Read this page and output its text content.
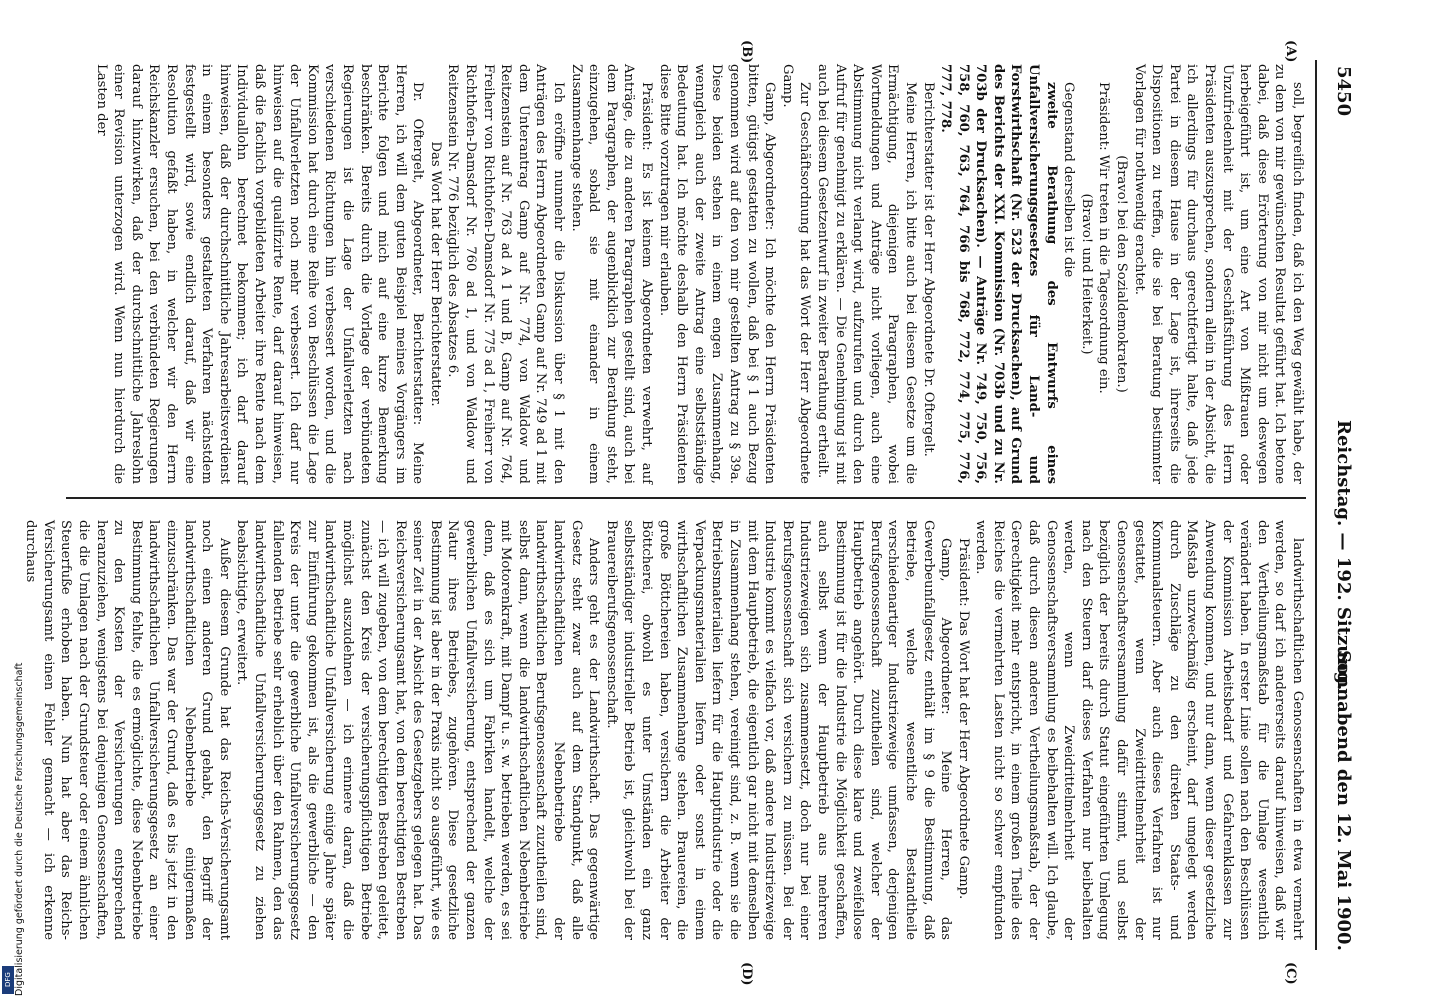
5450
Reichstag. — 192. Sitzung.
Sonnabend den 12. Mai 1900.
(A)
(B)
(C)
(D)

soll, begreiflich finden, daß ich den Weg gewählt habe, der zu dem von mir gewünschten Resultat geführt hat. Ich betone dabei, daß diese Erörterung von mir nicht um deswegen herbeigeführt ist, um eine Art von Mißtrauen oder Unzufriedenheit mit der Geschäftsführung des Herrn Präsidenten auszusprechen, sondern allein in der Absicht, die ich allerdings für durchaus gerechtfertigt halte, daß jede Partei in diesem Hause in der Lage ist, ihrerseits die Dispositionen zu treffen, die sie bei Beratung bestimmter Vorlagen für nothwendig erachtet.

(Bravo! bei den Sozialdemokraten.)

Präsident: Wir treten in die Tagesordnung ein.

(Bravo! und Heiterkeit.)

Gegenstand derselben ist die

zweite Berathung des Entwurfs eines Unfallversicherungsgesetzes für Land- und Forstwirthschaft (Nr. 523 der Drucksachen), auf Grund des Berichts der XXI. Kommission (Nr. 703b und zu Nr. 703b der Drucksachen). — Anträge Nr. 749, 750, 756, 758, 760, 763, 764, 766 bis 768, 772, 774, 775, 776, 777, 778.

Berichterstatter ist der Herr Abgeordnete Dr. Oftergelt.

Meine Herren, ich bitte auch bei diesem Gesetze um die Ermächtigung, diejenigen Paragraphen, wobei Wortmeldungen und Anträge nicht vorliegen, auch eine Abstimmung nicht verlangt wird, aufzurufen und durch den Aufruf für genehmigt zu erklären. — Die Genehmigung ist mit auch bei diesem Gesetzentwurf in zweiter Berathung ertheilt.

Zur Geschäftsordnung hat das Wort der Herr Abgeordnete Gamp.

Gamp, Abgeordneter: Ich möchte den Herrn Präsidenten bitten, gütigst gestatten zu wollen, daß bei § 1 auch Bezug genommen wird auf den von mir gestellten Antrag zu § 39a. Diese beiden stehen in einem engen Zusammenhang, wenngleich auch der zweite Antrag eine selbstständige Bedeutung hat. Ich möchte deshalb den Herrn Präsidenten diese Bitte vorzutragen mir erlauben.

Präsident: Es ist keinem Abgeordneten verwehrt, auf Anträge, die zu anderen Paragraphen gestellt sind, auch bei dem Paragraphen, der augenblicklich zur Berathung steht, einzugehen, sobald sie mit einander in einem Zusammenhange stehen.

Ich eröffne nunmehr die Diskussion über § 1 mit den Anträgen des Herrn Abgeordneten Gamp auf Nr. 749 ad 1 mit dem Unterantrag Gamp auf Nr. 774, von Waldow und Reitzenstein auf Nr. 763 ad A 1 und B, Gamp auf Nr. 764, Freiherr von Richthofen-Damsdorf Nr. 775 ad 1, Freiherr von Richthofen-Damsdorf Nr. 760 ad 1, und von Waldow und Reitzenstein Nr. 776 bezüglich des Absatzes 6.

Das Wort hat der Herr Berichterstatter.

Dr. Oftergelt, Abgeordneter, Berichterstatter: Meine Herren, ich will dem guten Beispiel meines Vorgängers im Berichte folgen und mich auf eine kurze Bemerkung beschränken. Bereits durch die Vorlage der verbündeten Regierungen ist die Lage der Unfallverletzten nach verschiedenen Richtungen hin verbessert worden, und die Kommission hat durch eine Reihe von Beschlüssen die Lage der Unfallverletzten noch mehr verbessert. Ich darf nur hinweisen auf die qualifizirte Rente, darf darauf hinweisen, daß die fachlich vorgebildeten Arbeiter ihre Rente nach dem Individuallohn berechnet bekommen; ich darf darauf hinweisen, daß der durchschnittliche Jahresarbeitsverdienst in einem besonders gestalteten Verfahren nächstdem festgestellt wird, sowie endlich darauf, daß wir eine Resolution gefaßt haben, in welcher wir den Herrn Reichskanzler ersuchen, bei den verbündeten Regierungen darauf hinzuwirken, daß der durchschnittliche Jahreslohn einer Revision unterzogen wird. Wenn nun hierdurch die Lasten der

landwirthschaftlichen Genossenschaften in etwa vermehrt werden, so darf ich andererseits darauf hinweisen, daß wir den Vertheilungsmaßstab für die Umlage wesentlich verändert haben. In erster Linie sollen nach den Beschlüssen der Kommission Arbeitsbedarf und Gefahrenklassen zur Anwendung kommen, und nur dann, wenn dieser gesetzliche Maßstab unzweckmäßig erscheint, darf umgelegt werden durch Zuschläge zu den direkten Staats- und Kommunalsteuern. Aber auch dieses Verfahren ist nur gestattet, wenn Zweidrittelmehrheit der Genossenschaftsversammlung dafür stimmt, und selbst bezüglich der bereits durch Statut eingeführten Umlegung nach den Steuern darf dieses Verfahren nur beibehalten werden, wenn Zweidrittelmehrheit der Genossenschaftsversammlung es beibehalten will. Ich glaube, daß durch diesen anderen Vertheilungsmaßstab, der der Gerechtigkeit mehr entspricht, in einem großen Theile des Reiches die vermehrten Lasten nicht so schwer empfunden werden.

Präsident: Das Wort hat der Herr Abgeordnete Gamp.

Gamp, Abgeordneter: Meine Herren, das Gewerbeunfallgesetz enthält im § 9 die Bestimmung, daß Betriebe, welche wesentliche Bestandtheile verschiedenartiger Industriezweige umfassen, derjenigen Berufsgenossenschaft zuzutheilen sind, welcher der Hauptbetrieb angehört. Durch diese klare und zweifellose Bestimmung ist für die Industrie die Möglichkeit geschaffen, auch selbst wenn der Hauptbetrieb aus mehreren Industriezweigen sich zusammensetzt, doch nur bei einer Berufsgenossenschaft sich versichern zu müssen. Bei der Industrie kommt es vielfach vor, daß andere Industriezweige mit dem Hauptbetrieb, die eigentlich gar nicht mit demselben in Zusammenhang stehen, vereinigt sind, z. B. wenn sie die Betriebsmaterialien liefern für die Hauptindustrie oder die Verpackungsmaterialien liefern oder sonst in einem wirthschaftlichen Zusammenhange stehen. Brauereien, die große Böttchereien haben, versichern die Arbeiter der Böttcherei, obwohl es unter Umständen ein ganz selbstständiger industrieller Betrieb ist, gleichwohl bei der Brauereiberufsgenossenschaft.

Anders geht es der Landwirthschaft. Das gegenwärtige Gesetz steht zwar auch auf dem Standpunkt, daß alle landwirthschaftlichen Nebenbetriebe der landwirthschaftlichen Berufsgenossenschaft zuzutheilen sind, selbst dann, wenn die landwirthschaftlichen Nebenbetriebe mit Motorenkraft, mit Dampf u. s. w. betrieben werden, es sei denn, daß es sich um Fabriken handelt, welche der gewerblichen Unfallversicherung, entsprechend der ganzen Natur ihres Betriebes, zugehören. Diese gesetzliche Bestimmung ist aber in der Praxis nicht so ausgeführt, wie es seiner Zeit in der Absicht des Gesetzgebers gelegen hat. Das Reichsversicherungsamt hat, von dem berechtigten Bestreben — ich will zugeben, von dem berechtigten Bestreben geleitet, zunächst den Kreis der versicherungspflichtigen Betriebe möglichst auszudehnen — ich erinnere daran, daß die landwirthschaftliche Unfallversicherung einige Jahre später zur Einführung gekommen ist, als die gewerbliche — den Kreis der unter die gewerbliche Unfallversicherungsgesetz fallenden Betriebe sehr erheblich über den Rahmen, den das landwirthschaftliche Unfallversicherungsgesetz zu ziehen beabsichtigte, erweitert.

Außer diesem Grunde hat das Reichs-Versicherungsamt noch einen anderen Grund gehabt, den Begriff der landwirthschaftlichen Nebenbetriebe einigermaßen einzuschränken. Das war der Grund, daß es bis jetzt in den landwirthschaftlichen Unfallversicherungsgesetz an einer Bestimmung fehlte, die es ermöglichte, diese Nebenbetriebe zu den Kosten der Versicherungen entsprechend heranzuziehen, wenigstens bei denjenigen Genossenschaften, die die Umlagen nach der Grundsteuer oder einem ähnlichen Steuerfuße erhoben haben. Nun hat aber das Reichs-Versicherungsamt einen Fehler gemacht — ich erkenne durchaus

Digitalisierung gefördert durch die Deutsche Forschungsgemeinschaft
DFG
